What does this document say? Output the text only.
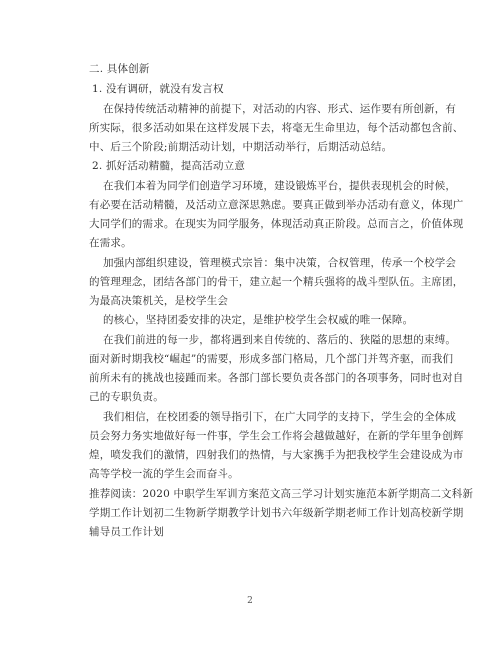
二. 具体创新
1. 没有调研，就没有发言权
在保持传统活动精神的前提下，对活动的内容、形式、运作要有所创新，有
所实际，很多活动如果在这样发展下去，将毫无生命里边，每个活动都包含前、
中、后三个阶段;前期活动计划，中期活动举行，后期活动总结。
2. 抓好活动精髓，提高活动立意
在我们本着为同学们创造学习环境，建设锻炼平台，提供表现机会的时候，
有必要在活动精髓，及活动立意深思熟虑。要真正做到举办活动有意义，体现广
大同学们的需求。在现实为同学服务，体现活动真正阶段。总而言之，价值体现
在需求。
加强内部组织建设，管理模式宗旨：集中决策，合权管理，传承一个校学会
的管理理念，团结各部门的骨干，建立起一个精兵强将的战斗型队伍。主席团，
为最高决策机关，是校学生会
的核心，坚持团委安排的决定，是维护校学生会权威的唯一保障。
在我们前进的每一步，都将遇到来自传统的、落后的、狭隘的思想的束缚。
面对新时期我校“崛起”的需要，形成多部门格局，几个部门并驾齐驱，而我们
前所未有的挑战也接踵而来。各部门部长要负责各部门的各项事务，同时也对自
己的专职负责。
我们相信，在校团委的领导指引下，在广大同学的支持下，学生会的全体成
员会努力务实地做好每一件事，学生会工作将会越做越好，在新的学年里争创辉
煌，喷发我们的激情，四射我们的热情，与大家携手为把我校学生会建设成为市
高等学校一流的学生会而奋斗。
推荐阅读：2020 中职学生军训方案范文高三学习计划实施范本新学期高二文科新
学期工作计划初二生物新学期教学计划书六年级新学期老师工作计划高校新学期
辅导员工作计划
2
